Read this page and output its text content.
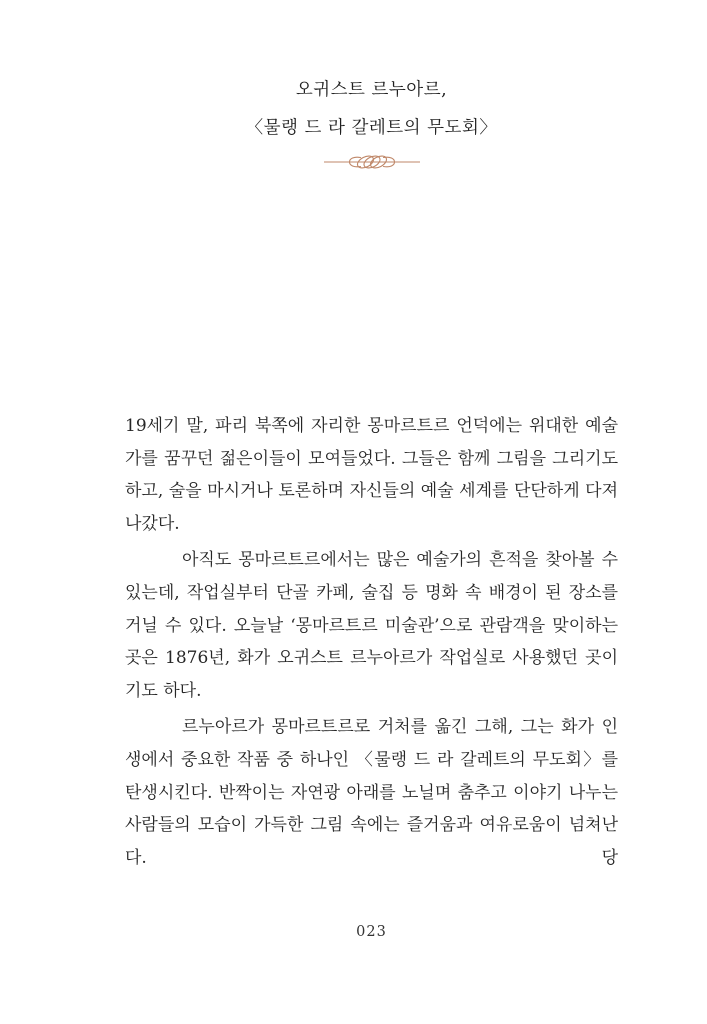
오귀스트 르누아르,
〈물랭 드 라 갈레트의 무도회〉

19세기 말, 파리 북쪽에 자리한 몽마르트르 언덕에는 위대한 예술가를 꿈꾸던 젊은이들이 모여들었다. 그들은 함께 그림을 그리기도 하고, 술을 마시거나 토론하며 자신들의 예술 세계를 단단하게 다져나갔다.

아직도 몽마르트르에서는 많은 예술가의 흔적을 찾아볼 수 있는데, 작업실부터 단골 카페, 술집 등 명화 속 배경이 된 장소를 거닐 수 있다. 오늘날 ‘몽마르트르 미술관’으로 관람객을 맞이하는 곳은 1876년, 화가 오귀스트 르누아르가 작업실로 사용했던 곳이기도 하다.

르누아르가 몽마르트르로 거처를 옮긴 그해, 그는 화가 인생에서 중요한 작품 중 하나인 〈물랭 드 라 갈레트의 무도회〉를 탄생시킨다. 반짝이는 자연광 아래를 노닐며 춤추고 이야기 나누는 사람들의 모습이 가득한 그림 속에는 즐거움과 여유로움이 넘쳐난다. 당

023
